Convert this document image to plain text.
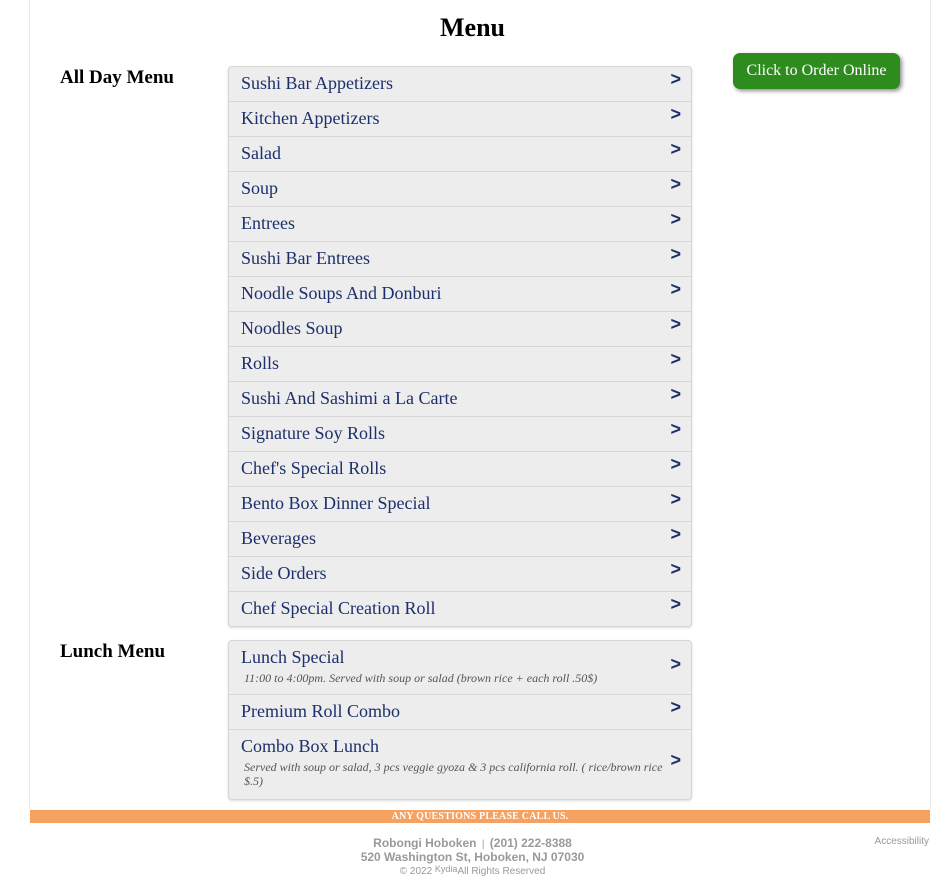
Menu
All Day Menu	Sushi Bar Appetizers	>
Kitchen Appetizers	>
Salad	>
Soup	>
Entrees	>
Sushi Bar Entrees	>
Noodle Soups And Donburi	>
Noodles Soup	>
Rolls	>
Sushi And Sashimi a La Carte	>
Signature Soy Rolls	>
Chef's Special Rolls	>
Bento Box Dinner Special	>
Beverages	>
Side Orders	>
Chef Special Creation Roll	>
Click to Order Online
Lunch Menu	Lunch Special
11:00 to 4:00pm. Served with soup or salad (brown rice + each roll .50$)
>
Premium Roll Combo	>
Combo Box Lunch
Served with soup or salad, 3 pcs veggie gyoza & 3 pcs california roll. ( rice/brown rice $.5)
>
ANY QUESTIONS PLEASE CALL US.
Robongi Hoboken | (201) 222-8388
520 Washington St, Hoboken, NJ 07030
© 2022 KydiaAll Rights Reserved
Accessibility
